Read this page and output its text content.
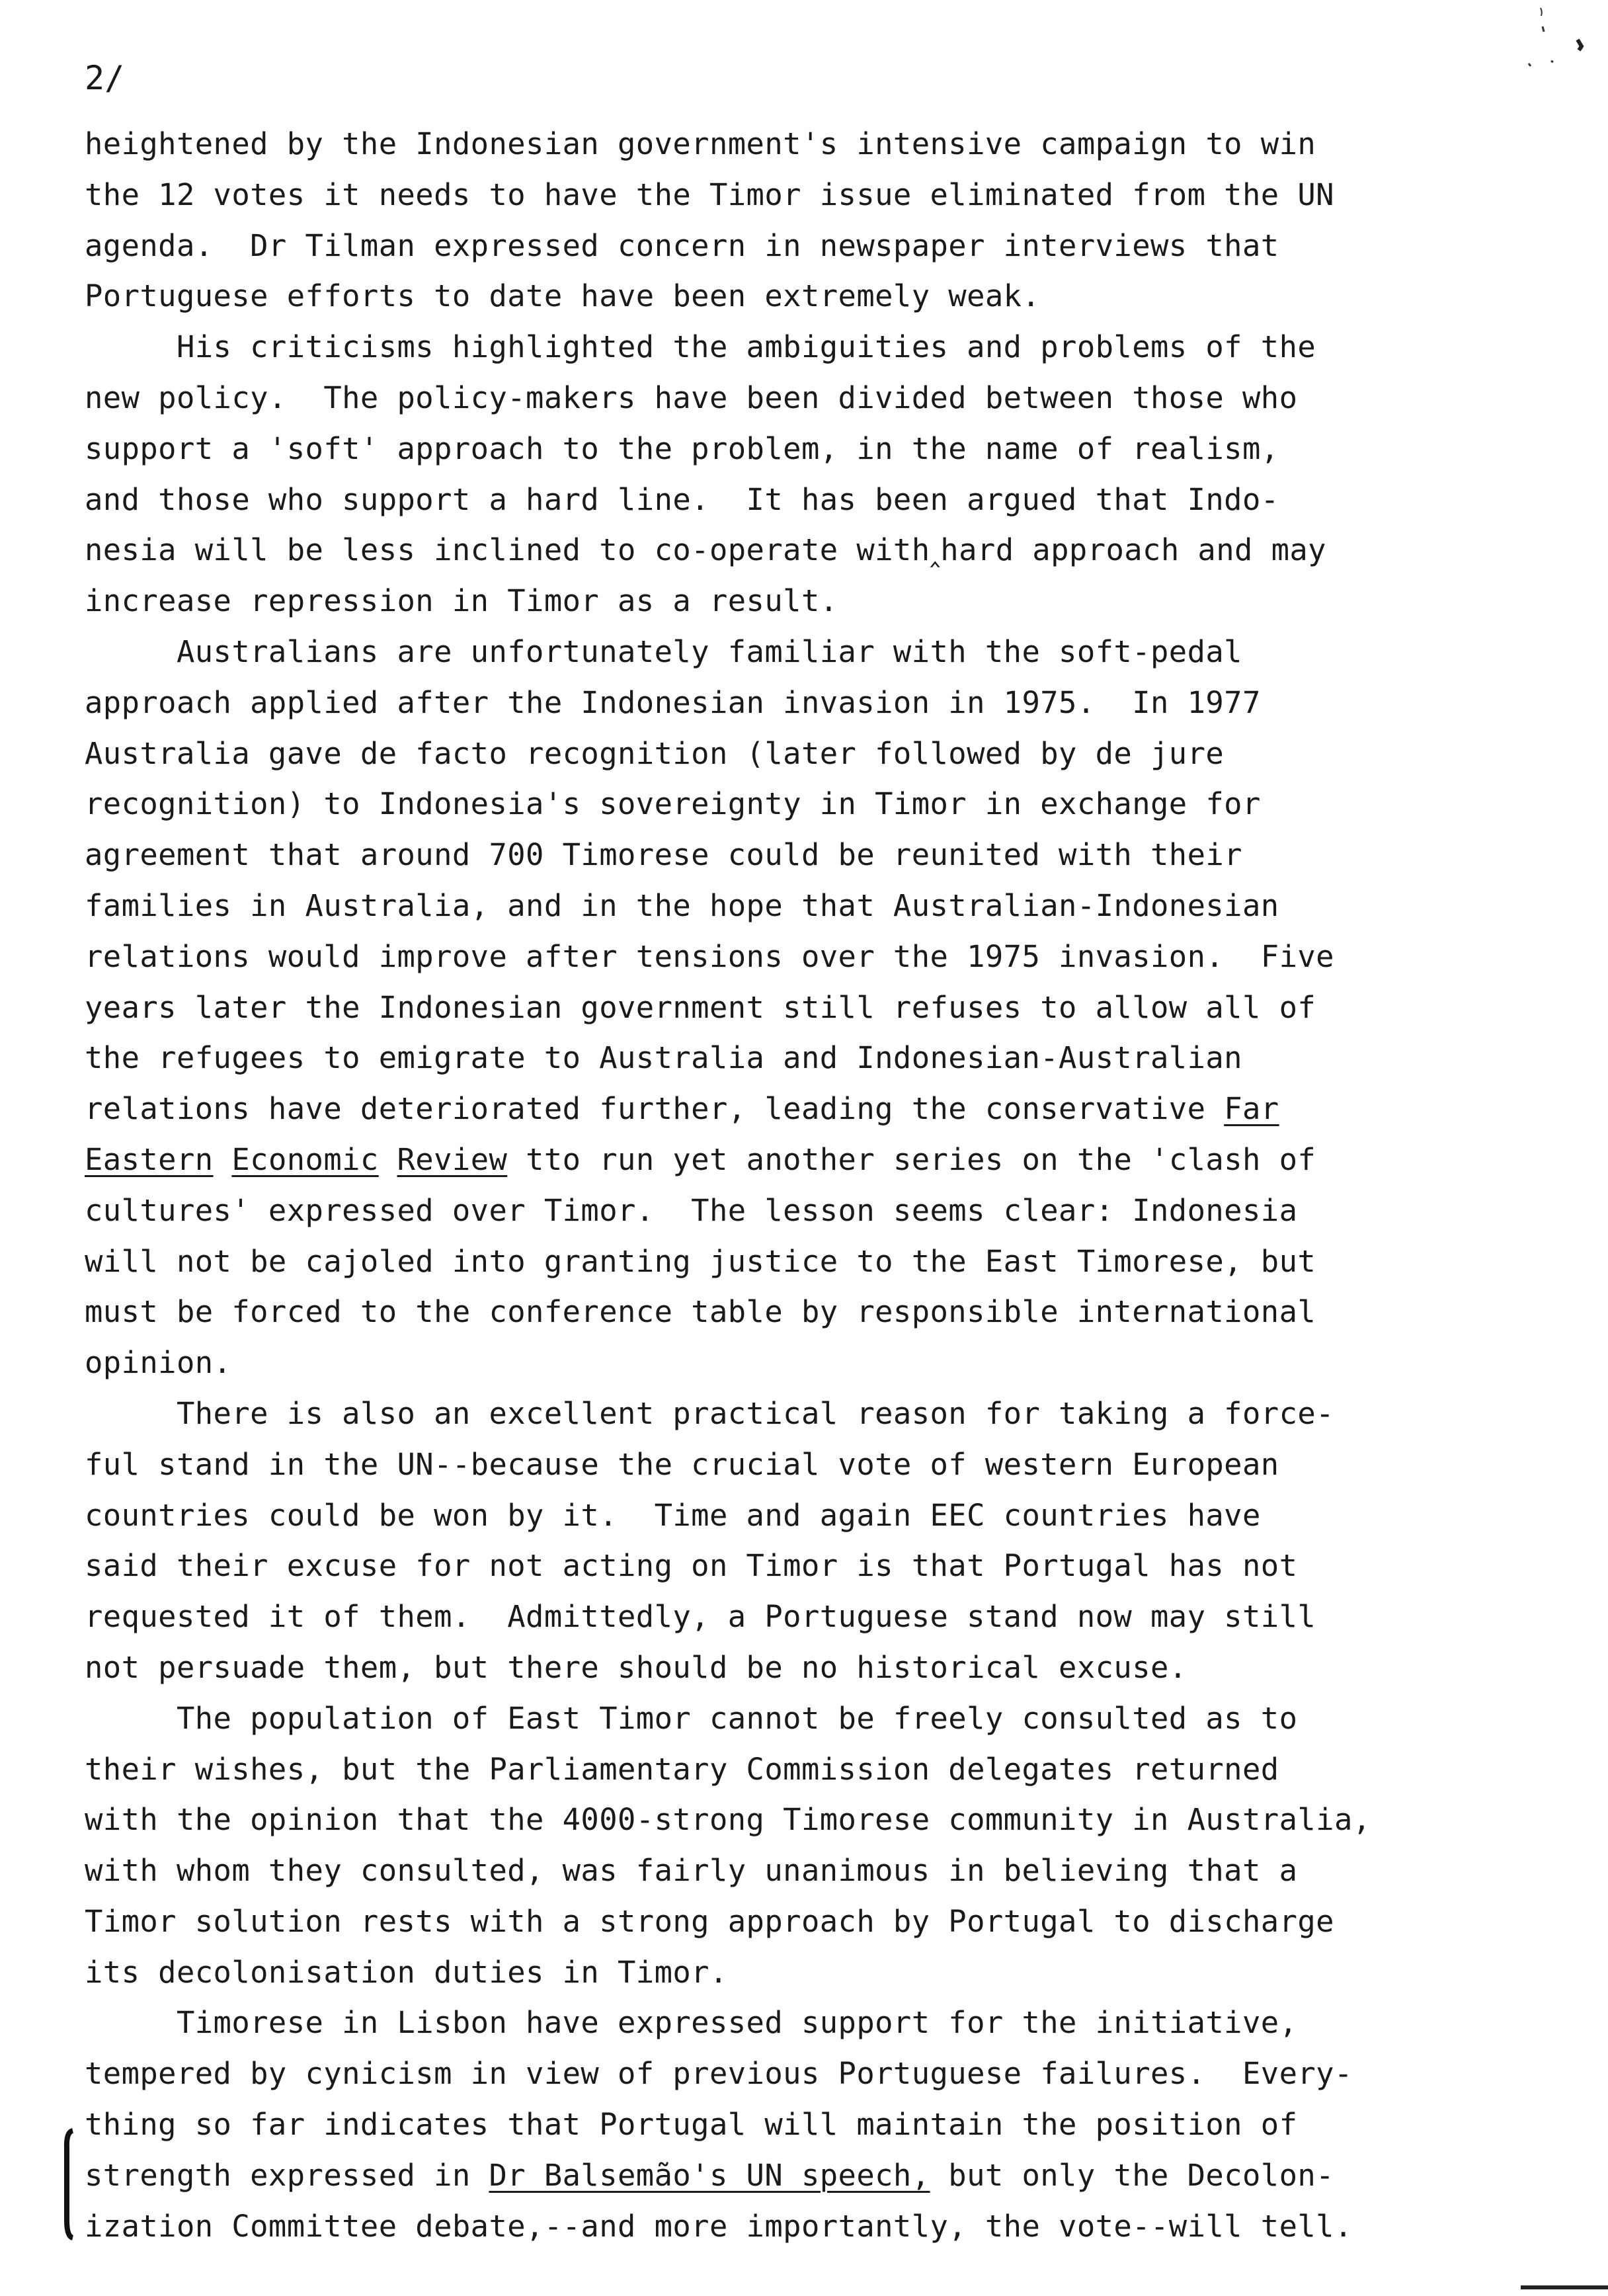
2/
heightened by the Indonesian government's intensive campaign to win
the 12 votes it needs to have the Timor issue eliminated from the UN
agenda.  Dr Tilman expressed concern in newspaper interviews that
Portuguese efforts to date have been extremely weak.
His criticisms highlighted the ambiguities and problems of the
new policy.  The policy-makers have been divided between those who
support a 'soft' approach to the problem, in the name of realism,
and those who support a hard line.  It has been argued that Indo-
nesia will be less inclined to co-operate with‸hard approach and may
increase repression in Timor as a result.
Australians are unfortunately familiar with the soft-pedal
approach applied after the Indonesian invasion in 1975.  In 1977
Australia gave de facto recognition (later followed by de jure
recognition) to Indonesia's sovereignty in Timor in exchange for
agreement that around 700 Timorese could be reunited with their
families in Australia, and in the hope that Australian-Indonesian
relations would improve after tensions over the 1975 invasion.  Five
years later the Indonesian government still refuses to allow all of
the refugees to emigrate to Australia and Indonesian-Australian
relations have deteriorated further, leading the conservative Far
Eastern Economic Review tto run yet another series on the 'clash of
cultures' expressed over Timor.  The lesson seems clear: Indonesia
will not be cajoled into granting justice to the East Timorese, but
must be forced to the conference table by responsible international
opinion.
There is also an excellent practical reason for taking a force-
ful stand in the UN--because the crucial vote of western European
countries could be won by it.  Time and again EEC countries have
said their excuse for not acting on Timor is that Portugal has not
requested it of them.  Admittedly, a Portuguese stand now may still
not persuade them, but there should be no historical excuse.
The population of East Timor cannot be freely consulted as to
their wishes, but the Parliamentary Commission delegates returned
with the opinion that the 4000-strong Timorese community in Australia,
with whom they consulted, was fairly unanimous in believing that a
Timor solution rests with a strong approach by Portugal to discharge
its decolonisation duties in Timor.
Timorese in Lisbon have expressed support for the initiative,
tempered by cynicism in view of previous Portuguese failures.  Every-
thing so far indicates that Portugal will maintain the position of
strength expressed in Dr Balsemão's UN speech, but only the Decolon-
ization Committee debate,--and more importantly, the vote--will tell.
